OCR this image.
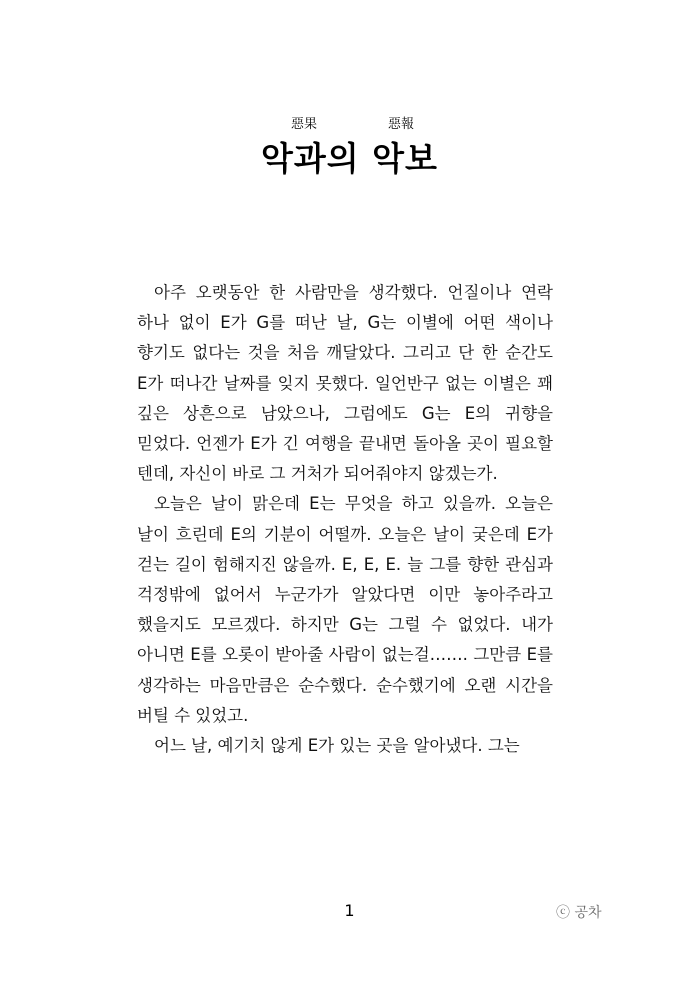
惡果	惡報
악과의 악보

아주 오랫동안 한 사람만을 생각했다. 언질이나 연락 하나 없이 E가 G를 떠난 날, G는 이별에 어떤 색이나 향기도 없다는 것을 처음 깨달았다. 그리고 단 한 순간도 E가 떠나간 날짜를 잊지 못했다. 일언반구 없는 이별은 꽤 깊은 상흔으로 남았으나, 그럼에도 G는 E의 귀향을 믿었다. 언젠가 E가 긴 여행을 끝내면 돌아올 곳이 필요할 텐데, 자신이 바로 그 거처가 되어줘야지 않겠는가.

오늘은 날이 맑은데 E는 무엇을 하고 있을까. 오늘은 날이 흐린데 E의 기분이 어떨까. 오늘은 날이 궂은데 E가 걷는 길이 험해지진 않을까. E, E, E. 늘 그를 향한 관심과 걱정밖에 없어서 누군가가 알았다면 이만 놓아주라고 했을지도 모르겠다. 하지만 G는 그럴 수 없었다. 내가 아니면 E를 오롯이 받아줄 사람이 없는걸……. 그만큼 E를 생각하는 마음만큼은 순수했다. 순수했기에 오랜 시간을 버틸 수 있었고.

어느 날, 예기치 않게 E가 있는 곳을 알아냈다. 그는

1	ⓒ 공차
